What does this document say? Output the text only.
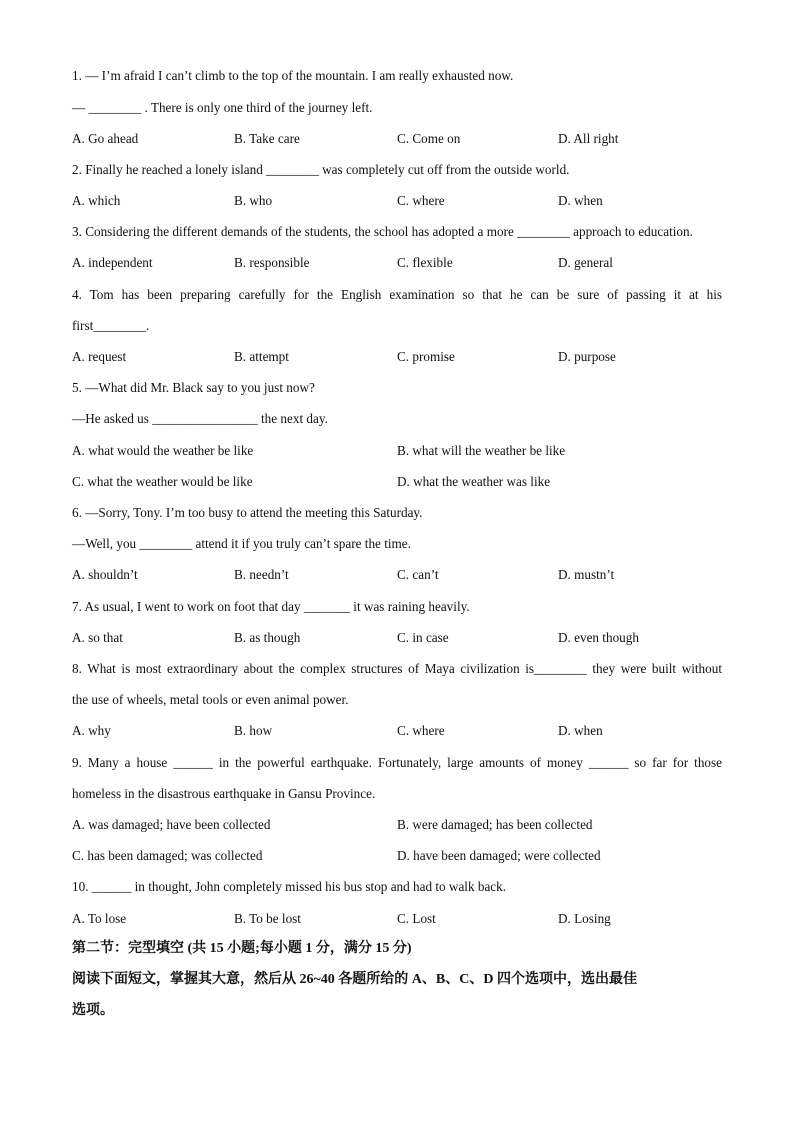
1. — I’m afraid I can’t climb to the top of the mountain. I am really exhausted now.
— ________ . There is only one third of the journey left.
A. Go ahead	B. Take care	C. Come on	D. All right
2. Finally he reached a lonely island ________ was completely cut off from the outside world.
A. which	B. who	C. where	D. when
3. Considering the different demands of the students, the school has adopted a more ________ approach to education.
A. independent	B. responsible	C. flexible	D. general
4. Tom has been preparing carefully for the English examination so that he can be sure of passing it at his
first________.
A. request	B. attempt	C. promise	D. purpose
5. —What did Mr. Black say to you just now?
—He asked us ________________ the next day.
A. what would the weather be like	B. what will the weather be like
C. what the weather would be like	D. what the weather was like
6. —Sorry, Tony. I’m too busy to attend the meeting this Saturday.
—Well, you ________ attend it if you truly can’t spare the time.
A. shouldn’t	B. needn’t	C. can’t	D. mustn’t
7. As usual, I went to work on foot that day _______ it was raining heavily.
A. so that	B. as though	C. in case	D. even though
8. What is most extraordinary about the complex structures of Maya civilization is________ they were built without
the use of wheels, metal tools or even animal power.
A. why	B. how	C. where	D. when
9. Many a house ______ in the powerful earthquake. Fortunately, large amounts of money ______ so far for those
homeless in the disastrous earthquake in Gansu Province.
A. was damaged; have been collected	B. were damaged; has been collected
C. has been damaged; was collected	D. have been damaged; were collected
10. ______ in thought, John completely missed his bus stop and had to walk back.
A. To lose	B. To be lost	C. Lost	D. Losing
第二节：完型填空 (共 15 小题;每小题 1 分，满分 15 分)
阅读下面短文，掌握其大意，然后从 26~40 各题所给的 A、B、C、D 四个选项中，选出最佳
选项。
